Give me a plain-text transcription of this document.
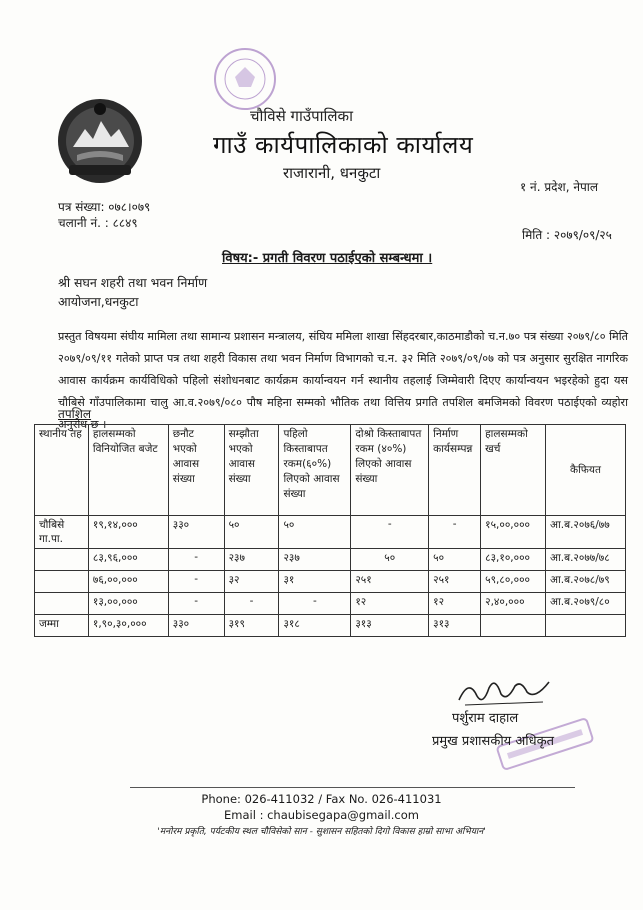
चौविसे गाउँपालिका
गाउँ कार्यपालिकाको कार्यालय
राजारानी, धनकुटा
१ नं. प्रदेश, नेपाल
पत्र संख्या: ०७८।०७९
चलानी नं. : ८८४९
मिति : २०७९/०९/२५
विषय:- प्रगती विवरण पठाईएको सम्बन्धमा ।
श्री सघन शहरी तथा भवन निर्माण
आयोजना,धनकुटा
प्रस्तुत विषयमा संघीय मामिला तथा सामान्य प्रशासन मन्त्रालय, संघिय ममिला शाखा सिंहदरबार,काठमाडौको च.न.७० पत्र संख्या २०७९/८० मिति २०७९/०९/११ गतेको प्राप्त पत्र तथा शहरी विकास तथा भवन निर्माण विभागको च.न. ३२ मिति २०७९/०९/०७ को पत्र अनुसार सुरक्षित नागरिक आवास कार्यक्रम कार्यविधिको पहिलो संशोधनबाट कार्यक्रम कार्यान्वयन गर्न स्थानीय तहलाई जिम्मेवारी दिए‌ए कार्यान्वयन भइरहेको हुदा यस चौबिसे गाँउपालिकामा चालु आ.व.२०७९/०८० पौष महिना सम्मको भौतिक तथा वित्तिय प्रगति तपशिल बमजिमको विवरण पठाईएको व्यहोरा अनुरोध छ ।
तपशिल
स्थानीय तह	हालसम्मको विनियोजित बजेट	छनौट भएको आवास संख्या	सम्झौता भएको आवास संख्या	पहिलो किस्ताबापत रकम(६०%) लिएको आवास संख्या	दोश्रो किस्ताबापत रकम (४०%) लिएको आवास संख्या	निर्माण कार्यसम्पन्न	हालसम्मको खर्च	कैफियत
चौबिसे गा.पा.	१९,१४,०००	३३०	५०	५०	-	-	१५,००,०००	आ.ब.२०७६/७७
	८३,९६,०००	-	२३७	२३७	५०	५०	८३,१०,०००	आ.ब.२०७७/७८
	७६,००,०००	-	३२	३१	२५१	२५१	५९,८०,०००	आ.ब.२०७८/७९
	१३,००,०००	-	-	-	१२	१२	२,४०,०००	आ.ब.२०७९/८०
जम्मा	१,९०,३०,०००	३३०	३१९	३१८	३१३	३१३		
पर्शुराम दाहाल
प्रमुख प्रशासकीय अधिकृत
Phone: 026-411032 / Fax No. 026-411031
Email : chaubisegapa@gmail.com
'मनोरम प्रकृति, पर्यटकीय स्थल चौविसेको सान - सुशासन सहितको दिगो विकास हाम्रो साभा अभियान'
